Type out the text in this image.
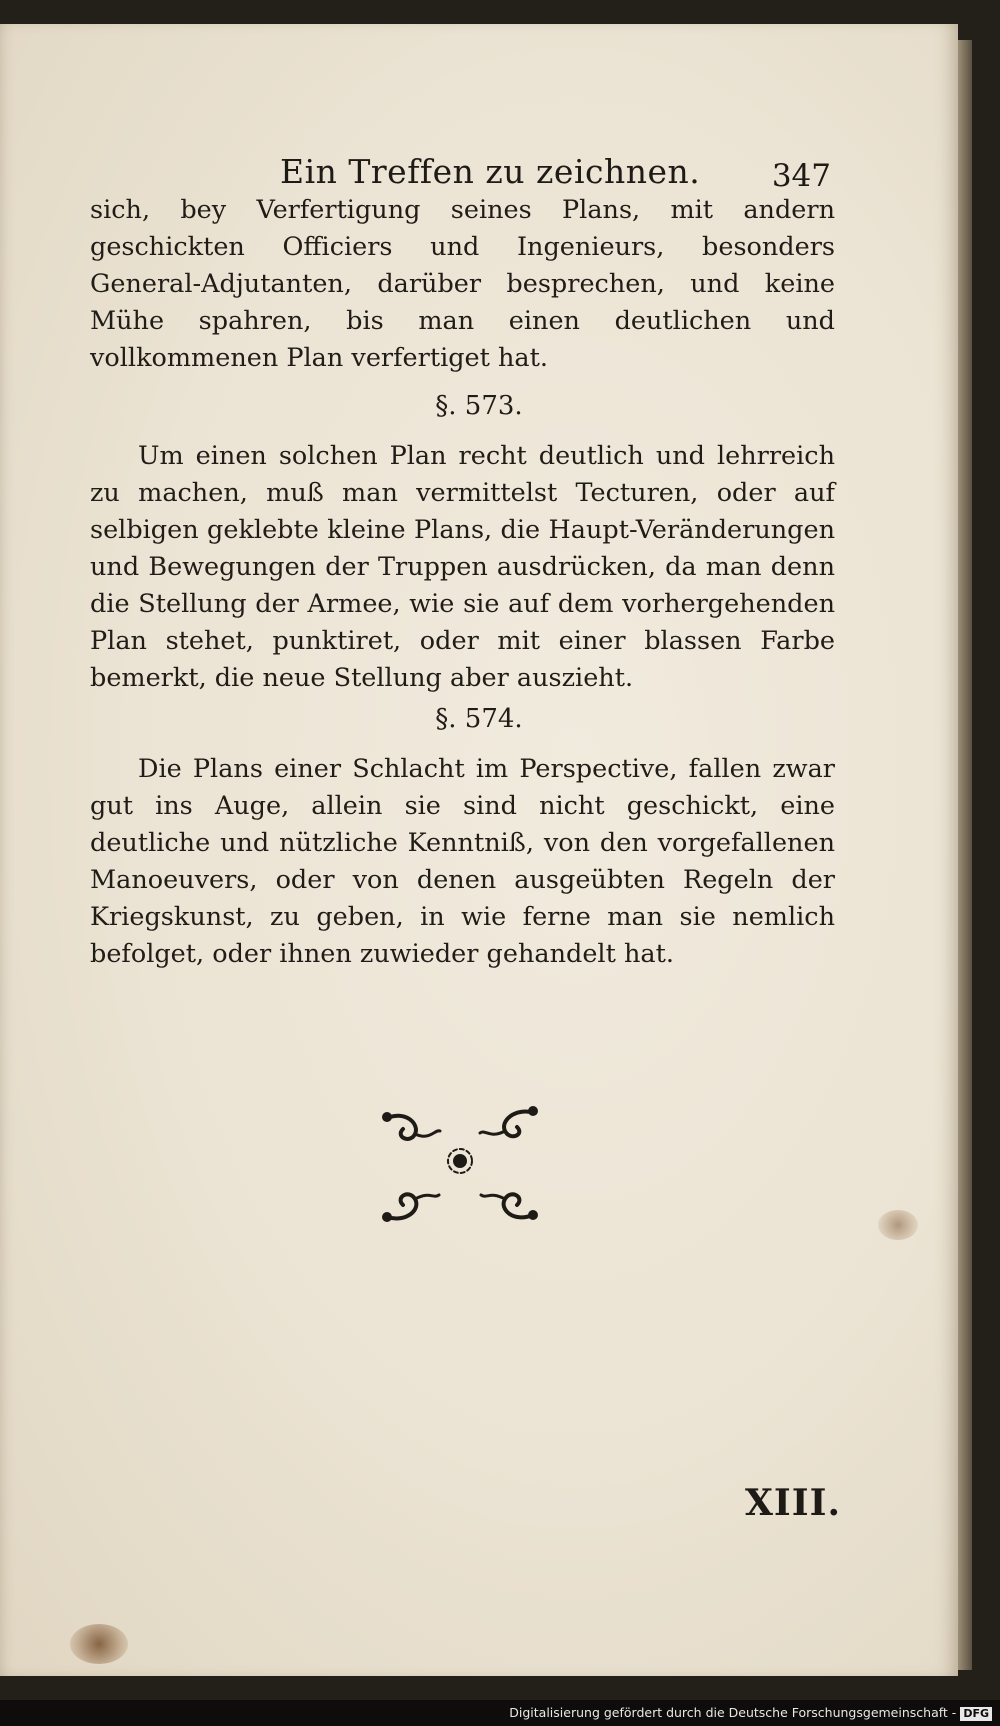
Ein Treffen zu zeichnen. 347

sich, bey Verfertigung seines Plans, mit andern geschickten Officiers und Ingenieurs, besonders General-Adjutanten, darüber besprechen, und keine Mühe spahren, bis man einen deutlichen und vollkommenen Plan verfertiget hat.

§. 573.

Um einen solchen Plan recht deutlich und lehrreich zu machen, muß man vermittelst Tecturen, oder auf selbigen geklebte kleine Plans, die Haupt-Veränderungen und Bewegungen der Truppen ausdrücken, da man denn die Stellung der Armee, wie sie auf dem vorhergehenden Plan stehet, punktiret, oder mit einer blassen Farbe bemerkt, die neue Stellung aber auszieht.

§. 574.

Die Plans einer Schlacht im Perspective, fallen zwar gut ins Auge, allein sie sind nicht geschickt, eine deutliche und nützliche Kenntniß, von den vorgefallenen Manoeuvers, oder von denen ausgeübten Regeln der Kriegskunst, zu geben, in wie ferne man sie nemlich befolget, oder ihnen zuwieder gehandelt hat.

XIII.
Digitalisierung gefördert durch die Deutsche Forschungsgemeinschaft - DFG
